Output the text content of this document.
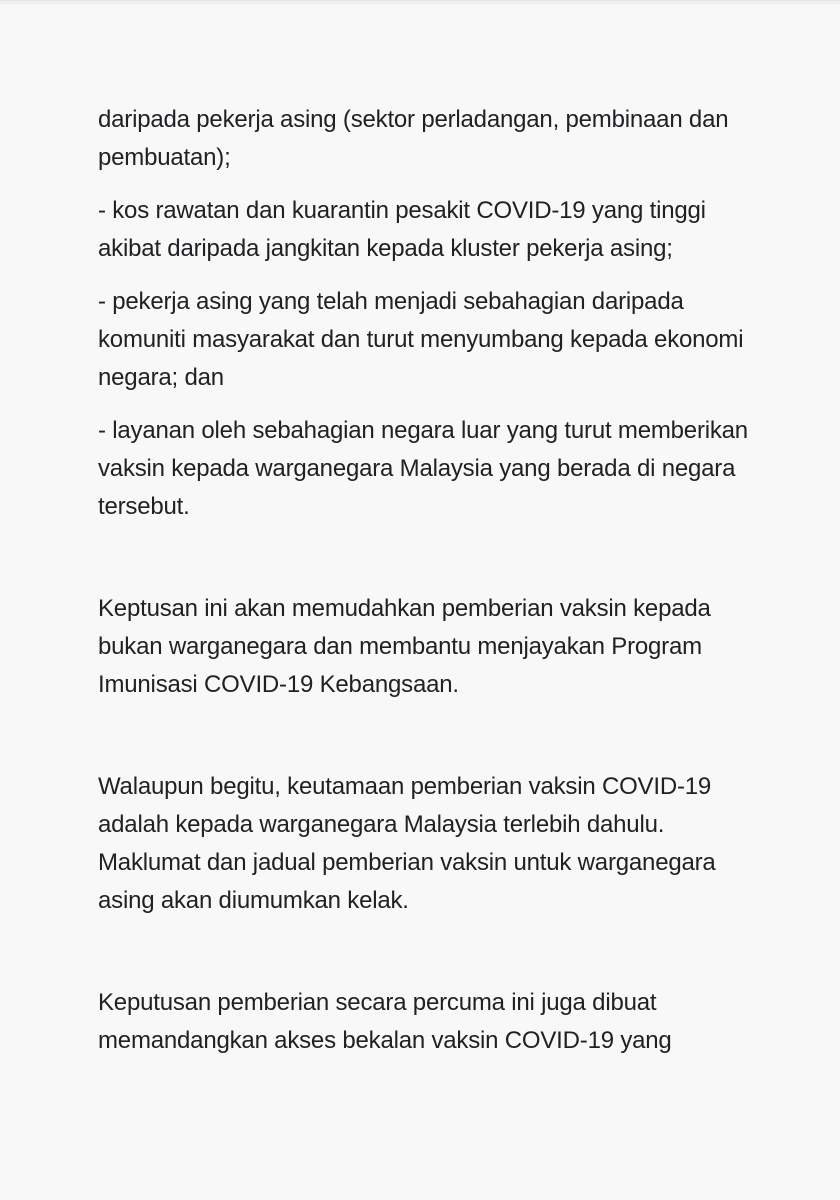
daripada pekerja asing (sektor perladangan, pembinaan dan
pembuatan);

- kos rawatan dan kuarantin pesakit COVID-19 yang tinggi
akibat daripada jangkitan kepada kluster pekerja asing;

- pekerja asing yang telah menjadi sebahagian daripada
komuniti masyarakat dan turut menyumbang kepada ekonomi
negara; dan

- layanan oleh sebahagian negara luar yang turut memberikan
vaksin kepada warganegara Malaysia yang berada di negara
tersebut.

Keptusan ini akan memudahkan pemberian vaksin kepada
bukan warganegara dan membantu menjayakan Program
Imunisasi COVID-19 Kebangsaan.

Walaupun begitu, keutamaan pemberian vaksin COVID-19
adalah kepada warganegara Malaysia terlebih dahulu.
Maklumat dan jadual pemberian vaksin untuk warganegara
asing akan diumumkan kelak.

Keputusan pemberian secara percuma ini juga dibuat
memandangkan akses bekalan vaksin COVID-19 yang
